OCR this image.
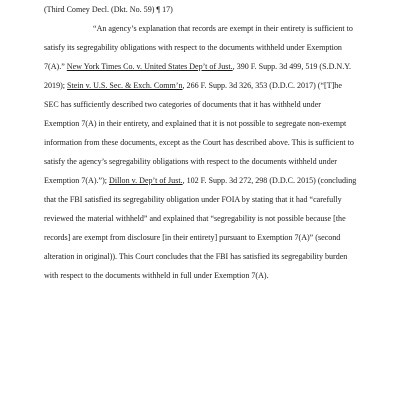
(Third Comey Decl. (Dkt. No. 59) ¶ 17)
“An agency’s explanation that records are exempt in their entirety is sufficient to
satisfy its segregability obligations with respect to the documents withheld under Exemption
7(A).” New York Times Co. v. United States Dep’t of Just., 390 F. Supp. 3d 499, 519 (S.D.N.Y.
2019); Stein v. U.S. Sec. & Exch. Comm’n, 266 F. Supp. 3d 326, 353 (D.D.C. 2017) (“[T]he
SEC has sufficiently described two categories of documents that it has withheld under
Exemption 7(A) in their entirety, and explained that it is not possible to segregate non-exempt
information from these documents, except as the Court has described above. This is sufficient to
satisfy the agency’s segregability obligations with respect to the documents withheld under
Exemption 7(A).”); Dillon v. Dep’t of Just., 102 F. Supp. 3d 272, 298 (D.D.C. 2015) (concluding
that the FBI satisfied its segregability obligation under FOIA by stating that it had “carefully
reviewed the material withheld” and explained that “segregability is not possible because [the
records] are exempt from disclosure [in their entirety] pursuant to Exemption 7(A)” (second
alteration in original)). This Court concludes that the FBI has satisfied its segregability burden
with respect to the documents withheld in full under Exemption 7(A).
